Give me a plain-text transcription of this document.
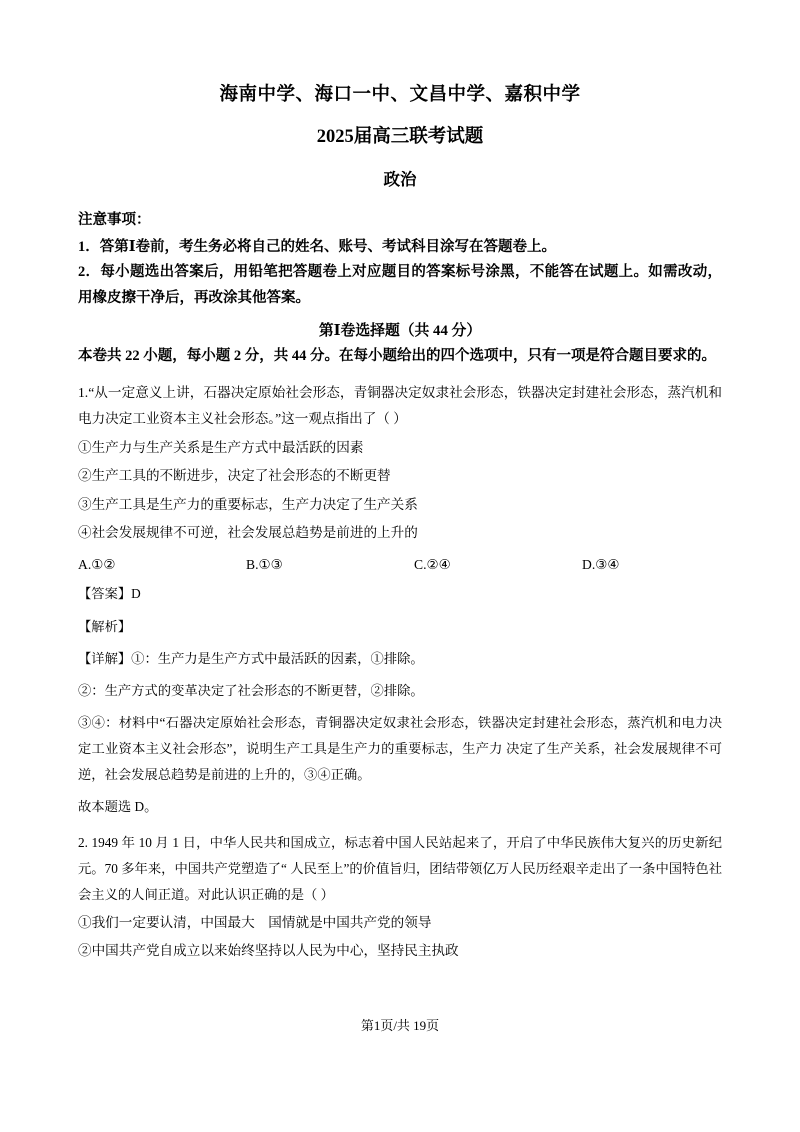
海南中学、海口一中、文昌中学、嘉积中学
2025届高三联考试题
政治
注意事项：
1．答第Ⅰ卷前，考生务必将自己的姓名、账号、考试科目涂写在答题卷上。
2．每小题选出答案后，用铅笔把答题卷上对应题目的答案标号涂黑，不能答在试题上。如需改动，用橡皮擦干净后，再改涂其他答案。
第Ⅰ卷选择题（共 44 分）
本卷共 22 小题，每小题 2 分，共 44 分。在每小题给出的四个选项中，只有一项是符合题目要求的。
1.“从一定意义上讲，石器决定原始社会形态，青铜器决定奴隶社会形态，铁器决定封建社会形态，蒸汽机和电力决定工业资本主义社会形态。”这一观点指出了（ ）
①生产力与生产关系是生产方式中最活跃的因素
②生产工具的不断进步，决定了社会形态的不断更替
③生产工具是生产力的重要标志，生产力决定了生产关系
④社会发展规律不可逆，社会发展总趋势是前进的上升的
A.①②	B.①③	C.②④	D.③④
【答案】D
【解析】
【详解】①：生产力是生产方式中最活跃的因素，①排除。
②：生产方式的变革决定了社会形态的不断更替，②排除。
③④：材料中“石器决定原始社会形态，青铜器决定奴隶社会形态，铁器决定封建社会形态，蒸汽机和电力决定工业资本主义社会形态”，说明生产工具是生产力的重要标志，生产力 决定了生产关系，社会发展规律不可逆，社会发展总趋势是前进的上升的，③④正确。
故本题选 D。
2. 1949 年 10 月 1 日，中华人民共和国成立，标志着中国人民站起来了，开启了中华民族伟大复兴的历史新纪元。70 多年来，中国共产党塑造了“ 人民至上”的价值旨归，团结带领亿万人民历经艰辛走出了一条中国特色社会主义的人间正道。对此认识正确的是（ ）
①我们一定要认清，中国最大　国情就是中国共产党的领导
②中国共产党自成立以来始终坚持以人民为中心，坚持民主执政
第1页/共 19页
